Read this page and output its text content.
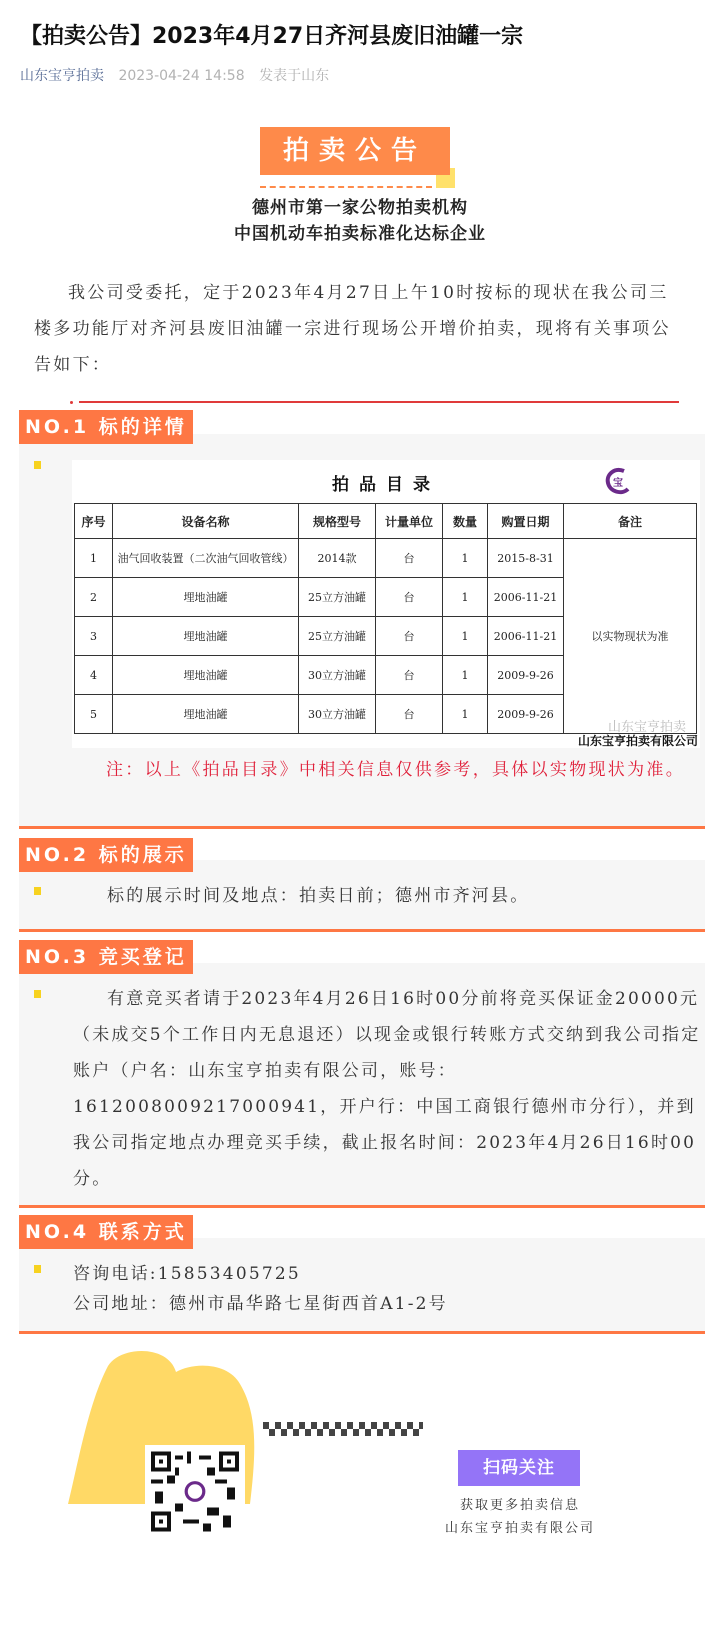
【拍卖公告】2023年4月27日齐河县废旧油罐一宗
山东宝亨拍卖 2023-04-24 14:58 发表于山东
拍卖公告
德州市第一家公物拍卖机构
中国机动车拍卖标准化达标企业

我公司受委托，定于2023年4月27日上午10时按标的现状在我公司三楼多功能厅对齐河县废旧油罐一宗进行现场公开增价拍卖，现将有关事项公告如下：

NO.1 标的详情
拍品目录	宝
序号	设备名称	规格型号	计量单位	数量	购置日期	备注
1	油气回收装置（二次油气回收管线）	2014款	台	1	2015-8-31	以实物现状为准
2	埋地油罐	25立方油罐	台	1	2006-11-21	
3	埋地油罐	25立方油罐	台	1	2006-11-21	
4	埋地油罐	30立方油罐	台	1	2009-9-26	
5	埋地油罐	30立方油罐	台	1	2009-9-26	
山东宝亨拍卖
山东宝亨拍卖有限公司

注：以上《拍品目录》中相关信息仅供参考，具体以实物现状为准。

NO.2 标的展示

标的展示时间及地点：拍卖日前；德州市齐河县。

NO.3 竞买登记

有意竞买者请于2023年4月26日16时00分前将竞买保证金20000元（未成交5个工作日内无息退还）以现金或银行转账方式交纳到我公司指定账户（户名：山东宝亨拍卖有限公司，账号：1612008009217000941，开户行：中国工商银行德州市分行），并到我公司指定地点办理竞买手续，截止报名时间：2023年4月26日16时00分。

NO.4 联系方式

咨询电话:15853405725

公司地址：德州市晶华路七星街西首A1-2号

扫码关注
获取更多拍卖信息
山东宝亨拍卖有限公司
